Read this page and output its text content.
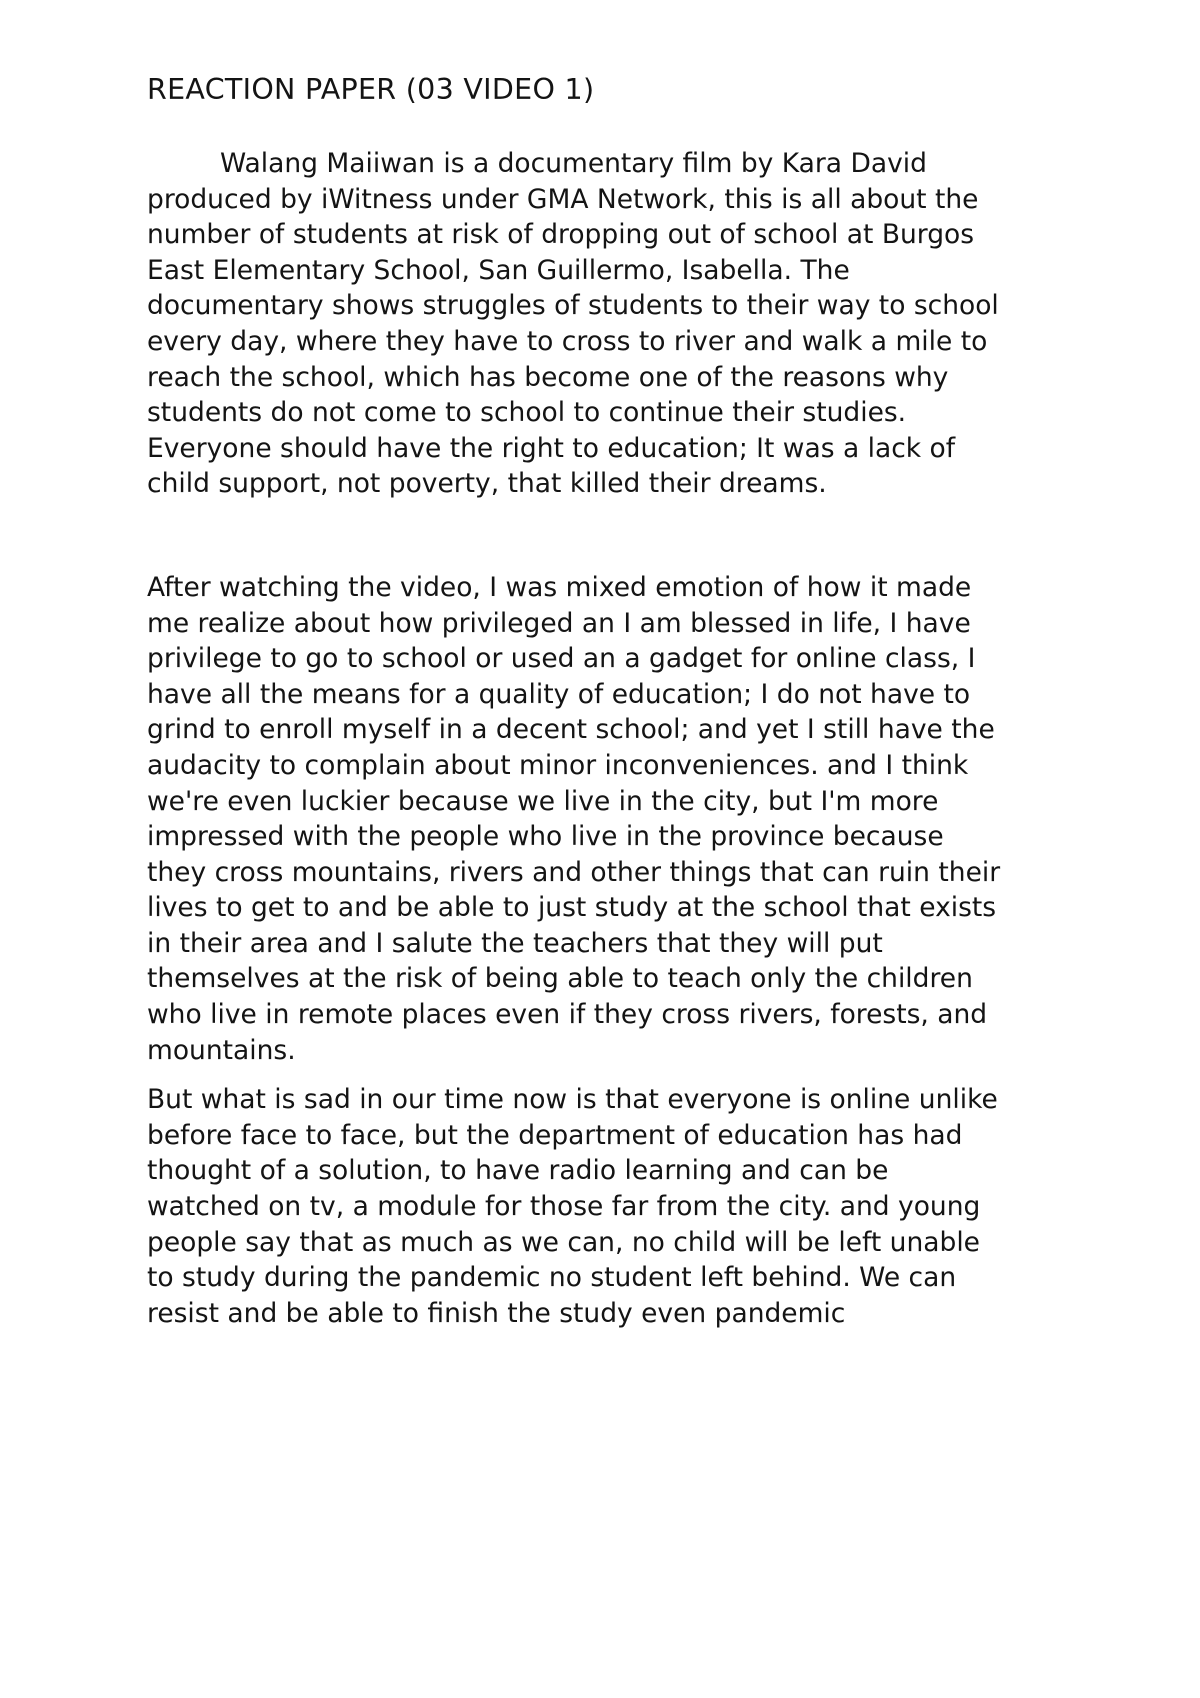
REACTION PAPER (03 VIDEO 1)

Walang Maiiwan is a documentary film by Kara David
produced by iWitness under GMA Network, this is all about the
number of students at risk of dropping out of school at Burgos
East Elementary School, San Guillermo, Isabella. The
documentary shows struggles of students to their way to school
every day, where they have to cross to river and walk a mile to
reach the school, which has become one of the reasons why
students do not come to school to continue their studies.
Everyone should have the right to education; It was a lack of
child support, not poverty, that killed their dreams.

After watching the video, I was mixed emotion of how it made
me realize about how privileged an I am blessed in life, I have
privilege to go to school or used an a gadget for online class, I
have all the means for a quality of education; I do not have to
grind to enroll myself in a decent school; and yet I still have the
audacity to complain about minor inconveniences. and I think
we're even luckier because we live in the city, but I'm more
impressed with the people who live in the province because
they cross mountains, rivers and other things that can ruin their
lives to get to and be able to just study at the school that exists
in their area and I salute the teachers that they will put
themselves at the risk of being able to teach only the children
who live in remote places even if they cross rivers, forests, and
mountains.

But what is sad in our time now is that everyone is online unlike
before face to face, but the department of education has had
thought of a solution, to have radio learning and can be
watched on tv, a module for those far from the city. and young
people say that as much as we can, no child will be left unable
to study during the pandemic no student left behind. We can
resist and be able to finish the study even pandemic
